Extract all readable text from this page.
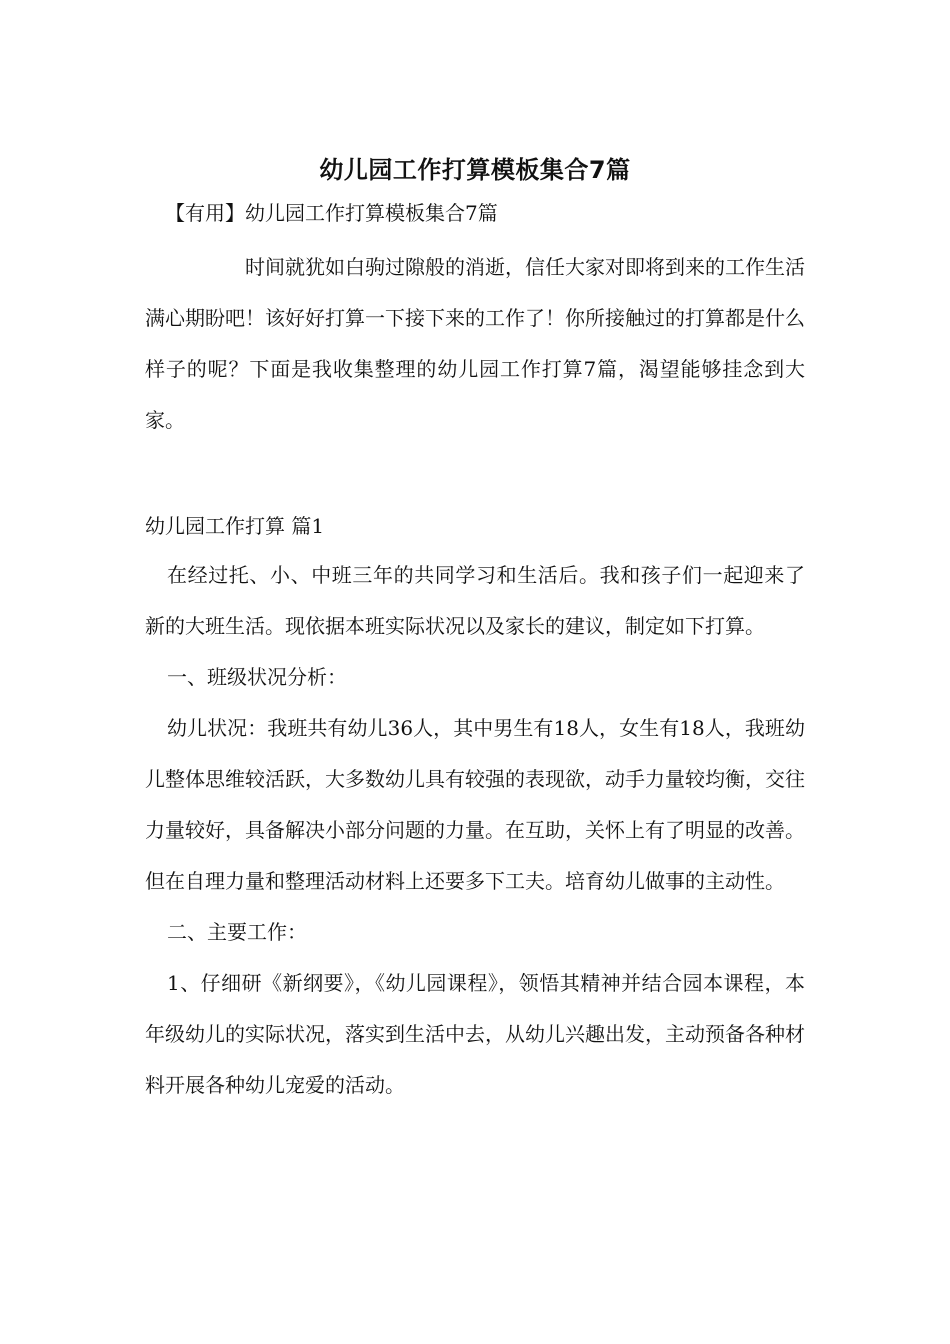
幼儿园工作打算模板集合7篇

【有用】幼儿园工作打算模板集合7篇

时间就犹如白驹过隙般的消逝，信任大家对即将到来的工作生活满心期盼吧！该好好打算一下接下来的工作了！你所接触过的打算都是什么样子的呢？下面是我收集整理的幼儿园工作打算7篇，渴望能够挂念到大家。

幼儿园工作打算 篇1

在经过托、小、中班三年的共同学习和生活后。我和孩子们一起迎来了新的大班生活。现依据本班实际状况以及家长的建议，制定如下打算。

一、班级状况分析：

幼儿状况：我班共有幼儿36人，其中男生有18人，女生有18人，我班幼儿整体思维较活跃，大多数幼儿具有较强的表现欲，动手力量较均衡，交往力量较好，具备解决小部分问题的力量。在互助，关怀上有了明显的改善。但在自理力量和整理活动材料上还要多下工夫。培育幼儿做事的主动性。

二、主要工作：

1、仔细研《新纲要》，《幼儿园课程》，领悟其精神并结合园本课程，本年级幼儿的实际状况，落实到生活中去，从幼儿兴趣出发，主动预备各种材料开展各种幼儿宠爱的活动。
